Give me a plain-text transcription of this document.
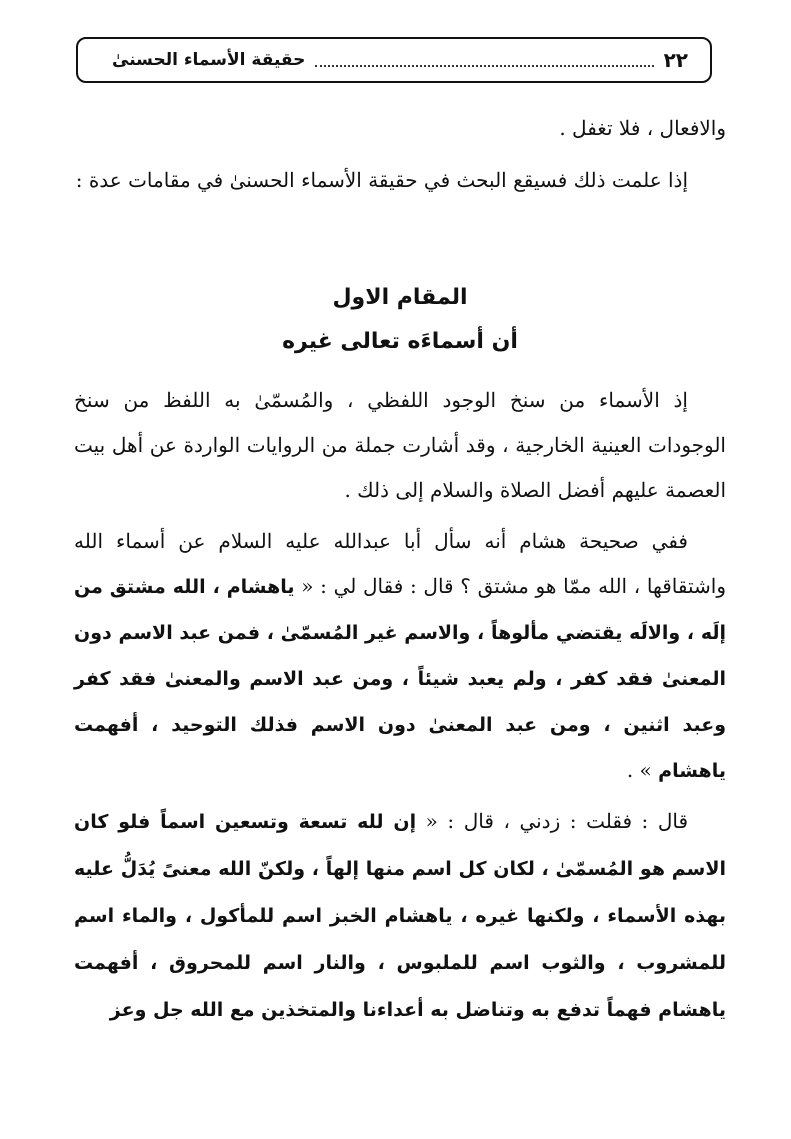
٢٢
حقيقة الأسماء الحسنىٰ

والافعال ، فلا تغفل .

إذا علمت ذلك فسيقع البحث في حقيقة الأسماء الحسنىٰ في مقامات عدة :

المقام الاول

أن أسماءَه تعالى غيره

إذ الأسماء من سنخ الوجود اللفظي ، والمُسمّىٰ به اللفظ من سنخ الوجودات العينية الخارجية ، وقد أشارت جملة من الروايات الواردة عن أهل بيت العصمة عليهم أفضل الصلاة والسلام إلى ذلك .

ففي صحيحة هشام أنه سأل أبا عبدالله عليه السلام عن أسماء الله واشتقاقها ، الله ممّا هو مشتق ؟ قال : فقال لي : « ياهشام ، الله مشتق من إلَه ، والالَه يقتضي مألوهاً ، والاسم غير المُسمّىٰ ، فمن عبد الاسم دون المعنىٰ فقد كفر ، ولم يعبد شيئاً ، ومن عبد الاسم والمعنىٰ فقد كفر وعبد اثنين ، ومن عبد المعنىٰ دون الاسم فذلك التوحيد ، أفهمت ياهشام » .

قال : فقلت : زدني ، قال : « إن لله تسعة وتسعين اسماً فلو كان الاسم هو المُسمّىٰ ، لكان كل اسم منها إلهاً ، ولكنّ الله معنىً يُدَلُّ عليه بهذه الأسماء ، ولكنها غيره ، ياهشام الخبز اسم للمأكول ، والماء اسم للمشروب ، والثوب اسم للملبوس ، والنار اسم للمحروق ، أفهمت ياهشام فهماً تدفع به وتناضل به أعداءنا والمتخذين مع الله جل وعز
